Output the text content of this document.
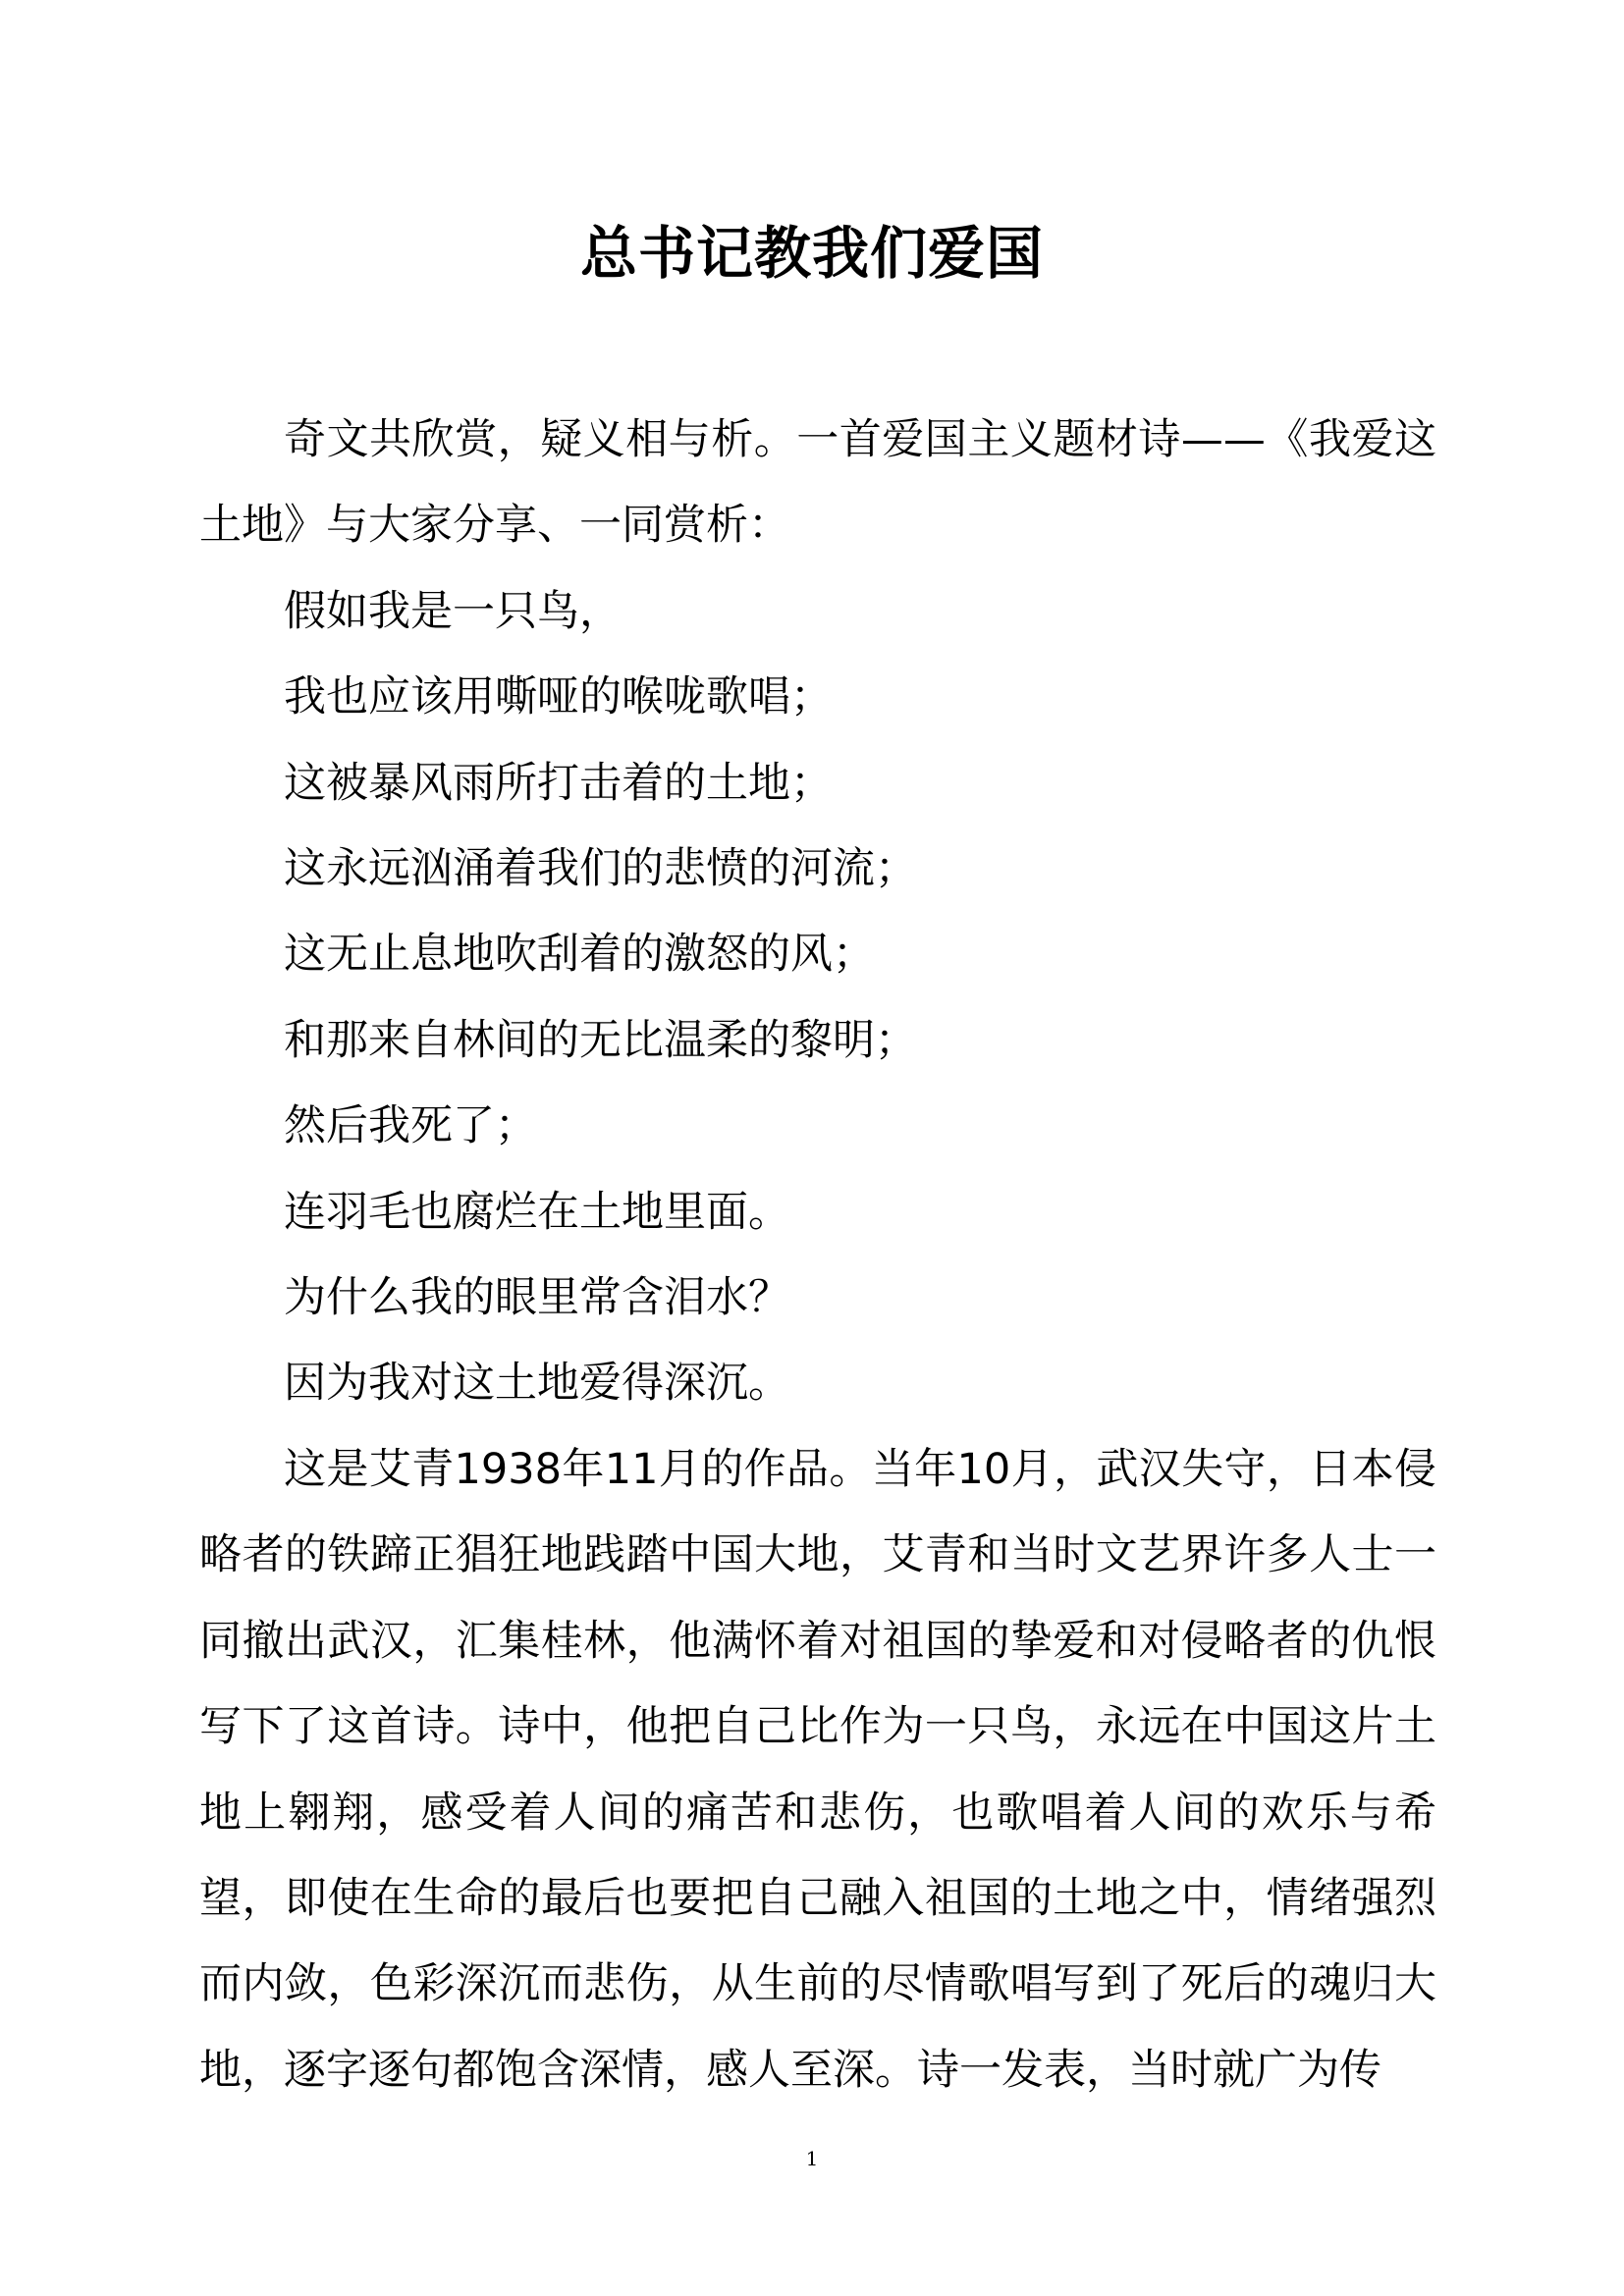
总书记教我们爱国

奇文共欣赏，疑义相与析。一首爱国主义题材诗——《我爱这土地》与大家分享、一同赏析：

假如我是一只鸟，

我也应该用嘶哑的喉咙歌唱；

这被暴风雨所打击着的土地；

这永远汹涌着我们的悲愤的河流；

这无止息地吹刮着的激怒的风；

和那来自林间的无比温柔的黎明；

然后我死了；

连羽毛也腐烂在土地里面。

为什么我的眼里常含泪水？

因为我对这土地爱得深沉。

这是艾青1938年11月的作品。当年10月，武汉失守，日本侵略者的铁蹄正猖狂地践踏中国大地，艾青和当时文艺界许多人士一同撤出武汉，汇集桂林，他满怀着对祖国的挚爱和对侵略者的仇恨写下了这首诗。诗中，他把自己比作为一只鸟，永远在中国这片土地上翱翔，感受着人间的痛苦和悲伤，也歌唱着人间的欢乐与希望，即使在生命的最后也要把自己融入祖国的土地之中，情绪强烈而内敛，色彩深沉而悲伤，从生前的尽情歌唱写到了死后的魂归大地，逐字逐句都饱含深情，感人至深。诗一发表，当时就广为传

1
